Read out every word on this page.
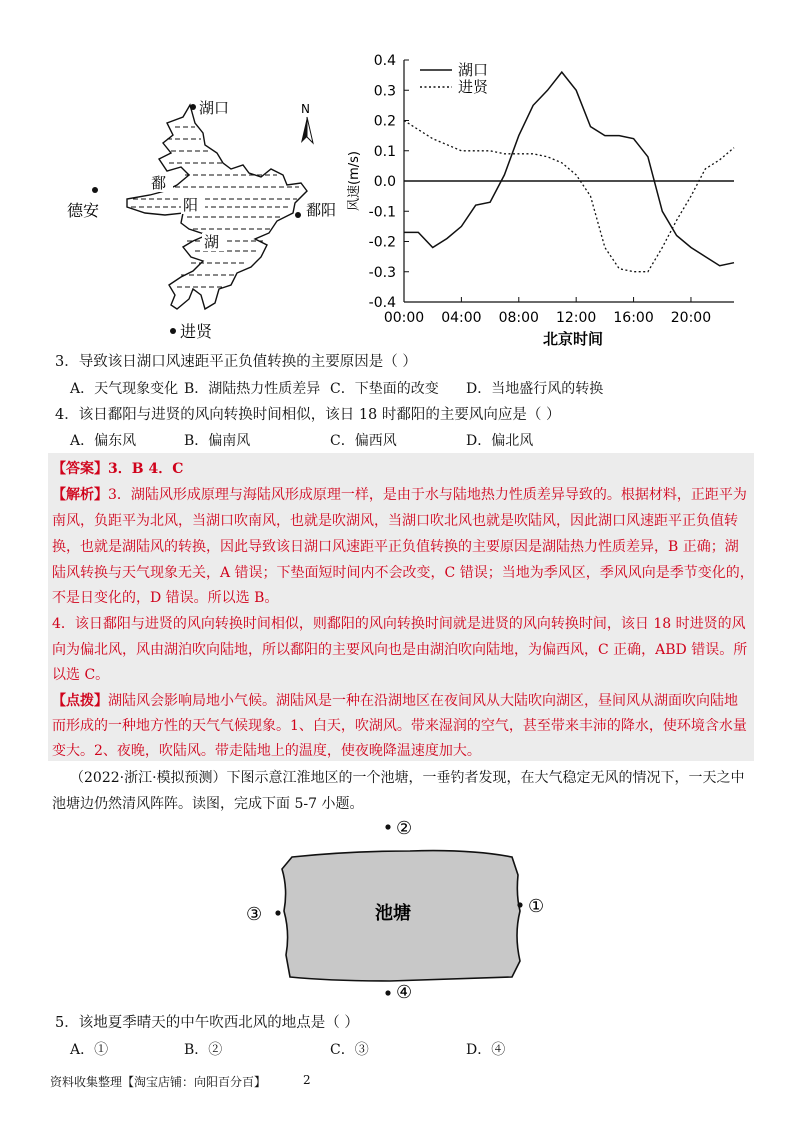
鄱
阳
湖
湖口
德安	鄱阳
进贤
N
0.4
0.3
0.2
0.1
0.0
-0.1
-0.2
-0.3
-0.4
00:00 04:00 08:00 12:00 16:00 20:00
北京时间
风速(m/s)
湖口
进贤
3．导致该日湖口风速距平正负值转换的主要原因是（ ）
A．天气现象变化 B．湖陆热力性质差异 C．下垫面的改变 D．当地盛行风的转换
4．该日鄱阳与进贤的风向转换时间相似，该日 18 时鄱阳的主要风向应是（ ）
A．偏东风	B．偏南风	C．偏西风	D．偏北风
【答案】3．B 4．C
【解析】3．湖陆风形成原理与海陆风形成原理一样，是由于水与陆地热力性质差异导致的。根据材料，正距平为
南风，负距平为北风，当湖口吹南风，也就是吹湖风，当湖口吹北风也就是吹陆风，因此湖口风速距平正负值转
换，也就是湖陆风的转换，因此导致该日湖口风速距平正负值转换的主要原因是湖陆热力性质差异，B 正确；湖
陆风转换与天气现象无关，A 错误；下垫面短时间内不会改变，C 错误；当地为季风区，季风风向是季节变化的，
不是日变化的，D 错误。所以选 B。
4．该日鄱阳与进贤的风向转换时间相似，则鄱阳的风向转换时间就是进贤的风向转换时间，该日 18 时进贤的风
向为偏北风，风由湖泊吹向陆地，所以鄱阳的主要风向也是由湖泊吹向陆地，为偏西风，C 正确，ABD 错误。所
以选 C。
【点拨】湖陆风会影响局地小气候。湖陆风是一种在沿湖地区在夜间风从大陆吹向湖区，昼间风从湖面吹向陆地
而形成的一种地方性的天气气候现象。1、白天，吹湖风。带来湿润的空气，甚至带来丰沛的降水，使环境含水量
变大。2、夜晚，吹陆风。带走陆地上的温度，使夜晚降温速度加大。
（2022·浙江·模拟预测）下图示意江淮地区的一个池塘，一垂钓者发现，在大气稳定无风的情况下，一天之中
池塘边仍然清风阵阵。读图，完成下面 5-7 小题。
池塘
②
①
③
④
5．该地夏季晴天的中午吹西北风的地点是（ ）
A．①	B．②	C．③	D．④
资料收集整理【淘宝店铺：向阳百分百】	2
